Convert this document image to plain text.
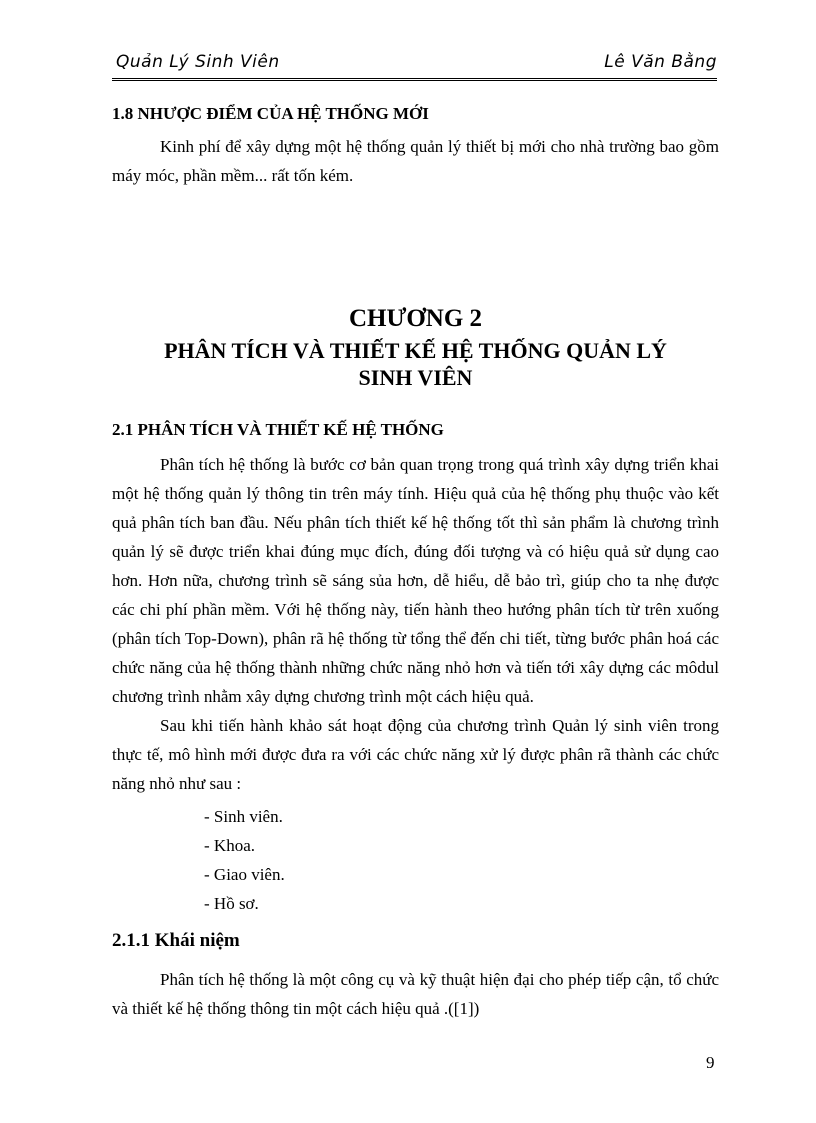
Quản Lý Sinh Viên	Lê Văn Bằng
1.8 NHƯỢC ĐIỂM CỦA HỆ THỐNG MỚI

Kinh phí để xây dựng một hệ thống quản lý thiết bị mới cho nhà trường bao gồm máy móc, phần mềm... rất tốn kém.

CHƯƠNG 2
PHÂN TÍCH VÀ THIẾT KẾ HỆ THỐNG QUẢN LÝ
SINH VIÊN
2.1 PHÂN TÍCH VÀ THIẾT KẾ HỆ THỐNG

Phân tích hệ thống là bước cơ bản quan trọng trong quá trình xây dựng triển khai một hệ thống quản lý thông tin trên máy tính. Hiệu quả của hệ thống phụ thuộc vào kết quả phân tích ban đầu. Nếu phân tích thiết kế hệ thống tốt thì sản phẩm là chương trình quản lý sẽ được triển khai đúng mục đích, đúng đối tượng và có hiệu quả sử dụng cao hơn. Hơn nữa, chương trình sẽ sáng sủa hơn, dễ hiểu, dễ bảo trì, giúp cho ta nhẹ được các chi phí phần mềm. Với hệ thống này, tiến hành theo hướng phân tích từ trên xuống (phân tích Top-Down), phân rã hệ thống từ tổng thể đến chi tiết, từng bước phân hoá các chức năng của hệ thống thành những chức năng nhỏ hơn và tiến tới xây dựng các môdul chương trình nhằm xây dựng chương trình một cách hiệu quả.

Sau khi tiến hành khảo sát hoạt động của chương trình Quản lý sinh viên trong thực tế, mô hình mới được đưa ra với các chức năng xử lý được phân rã thành các chức năng nhỏ như sau :

- Sinh viên.
- Khoa.
- Giao viên.
- Hồ sơ.
2.1.1 Khái niệm

Phân tích hệ thống là một công cụ và kỹ thuật hiện đại cho phép tiếp cận, tổ chức và thiết kế hệ thống thông tin một cách hiệu quả .([1])

9
